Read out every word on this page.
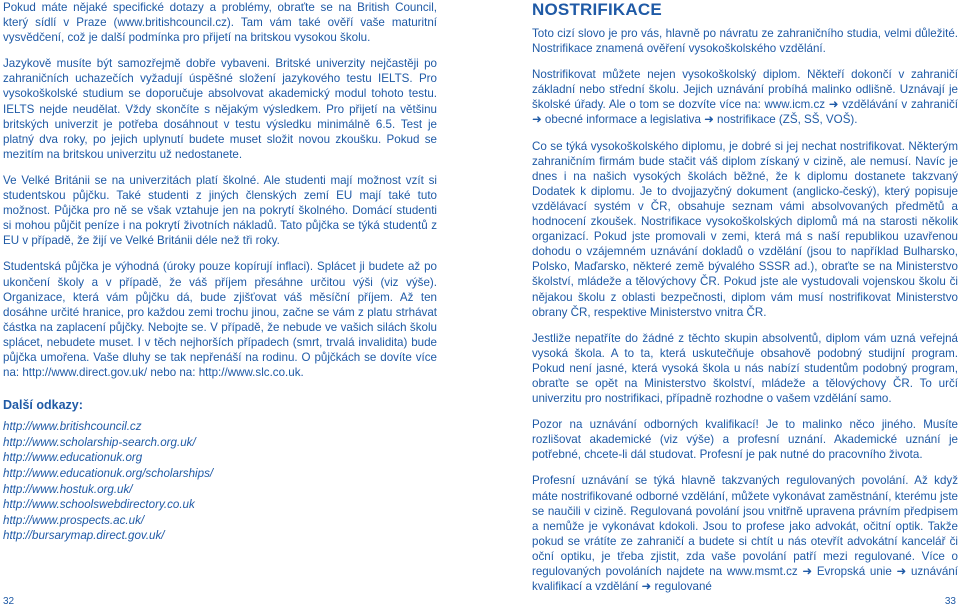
Pokud máte nějaké specifické dotazy a problémy, obraťte se na British Council, který sídlí v Praze (www.britishcouncil.cz). Tam vám také ověří vaše maturitní vysvědčení, což je další podmínka pro přijetí na britskou vysokou školu.

Jazykově musíte být samozřejmě dobře vybaveni. Britské univerzity nejčastěji po zahraničních uchazečích vyžadují úspěšné složení jazykového testu IELTS. Pro vysokoškolské studium se doporučuje absolvovat akademický modul tohoto testu. IELTS nejde neudělat. Vždy skončíte s nějakým výsledkem. Pro přijetí na většinu britských univerzit je potřeba dosáhnout v testu výsledku minimálně 6.5. Test je platný dva roky, po jejich uplynutí budete muset složit novou zkoušku. Pokud se mezitím na britskou univerzitu už nedostanete.

Ve Velké Británii se na univerzitách platí školné. Ale studenti mají možnost vzít si studentskou půjčku. Také studenti z jiných členských zemí EU mají také tuto možnost. Půjčka pro ně se však vztahuje jen na pokrytí školného. Domácí studenti si mohou půjčit peníze i na pokrytí životních nákladů. Tato půjčka se týká studentů z EU v případě, že žijí ve Velké Británii déle než tři roky.

Studentská půjčka je výhodná (úroky pouze kopírují inflaci). Splácet ji budete až po ukončení školy a v případě, že váš příjem přesáhne určitou výši (viz výše). Organizace, která vám půjčku dá, bude zjišťovat váš měsíční příjem. Až ten dosáhne určité hranice, pro každou zemi trochu jinou, začne se vám z platu strhávat částka na zaplacení půjčky. Nebojte se. V případě, že nebude ve vašich silách školu splácet, nebudete muset. I v těch nejhorších případech (smrt, trvalá invalidita) bude půjčka umořena. Vaše dluhy se tak nepřenáší na rodinu. O půjčkách se dovíte více na: http://www.direct.gov.uk/ nebo na: http://www.slc.co.uk.

Další odkazy:
http://www.britishcouncil.cz
http://www.scholarship-search.org.uk/
http://www.educationuk.org
http://www.educationuk.org/scholarships/
http://www.hostuk.org.uk/
http://www.schoolswebdirectory.co.uk
http://www.prospects.ac.uk/
http://bursarymap.direct.gov.uk/
NOSTRIFIKACE

Toto cizí slovo je pro vás, hlavně po návratu ze zahraničního studia, velmi důležité. Nostrifikace znamená ověření vysokoškolského vzdělání.

Nostrifikovat můžete nejen vysokoškolský diplom. Někteří dokončí v zahraničí základní nebo střední školu. Jejich uznávání probíhá malinko odlišně. Uznávají je školské úřady. Ale o tom se dozvíte více na: www.icm.cz ➜ vzdělávání v zahraničí ➜ obecné informace a legislativa ➜ nostrifikace (ZŠ, SŠ, VOŠ).

Co se týká vysokoškolského diplomu, je dobré si jej nechat nostrifikovat. Některým zahraničním firmám bude stačit váš diplom získaný v cizině, ale nemusí. Navíc je dnes i na našich vysokých školách běžné, že k diplomu dostanete takzvaný Dodatek k diplomu. Je to dvojjazyčný dokument (anglicko-český), který popisuje vzdělávací systém v ČR, obsahuje seznam vámi absolvovaných předmětů a hodnocení zkoušek. Nostrifikace vysokoškolských diplomů má na starosti několik organizací. Pokud jste promovali v zemi, která má s naší republikou uzavřenou dohodu o vzájemném uznávání dokladů o vzdělání (jsou to například Bulharsko, Polsko, Maďarsko, některé země bývalého SSSR ad.), obraťte se na Ministerstvo školství, mládeže a tělovýchovy ČR. Pokud jste ale vystudovali vojenskou školu či nějakou školu z oblasti bezpečnosti, diplom vám musí nostrifikovat Ministerstvo obrany ČR, respektive Ministerstvo vnitra ČR.

Jestliže nepatříte do žádné z těchto skupin absolventů, diplom vám uzná veřejná vysoká škola. A to ta, která uskutečňuje obsahově podobný studijní program. Pokud není jasné, která vysoká škola u nás nabízí studentům podobný program, obraťte se opět na Ministerstvo školství, mládeže a tělovýchovy ČR. To určí univerzitu pro nostrifikaci, případně rozhodne o vašem vzdělání samo.

Pozor na uznávání odborných kvalifikací! Je to malinko něco jiného. Musíte rozlišovat akademické (viz výše) a profesní uznání. Akademické uznání je potřebné, chcete-li dál studovat. Profesní je pak nutné do pracovního života.

Profesní uznávání se týká hlavně takzvaných regulovaných povolání. Až když máte nostrifikované odborné vzdělání, můžete vykonávat zaměstnání, kterému jste se naučili v cizině. Regulovaná povolání jsou vnitřně upravena právním předpisem a nemůže je vykonávat kdokoli. Jsou to profese jako advokát, očitní optik. Takže pokud se vrátíte ze zahraničí a budete si chtít u nás otevřít advokátní kancelář či oční optiku, je třeba zjistit, zda vaše povolání patří mezi regulované. Více o regulovaných povoláních najdete na www.msmt.cz ➜ Evropská unie ➜ uznávání kvalifikací a vzdělání ➜ regulované

32	33
